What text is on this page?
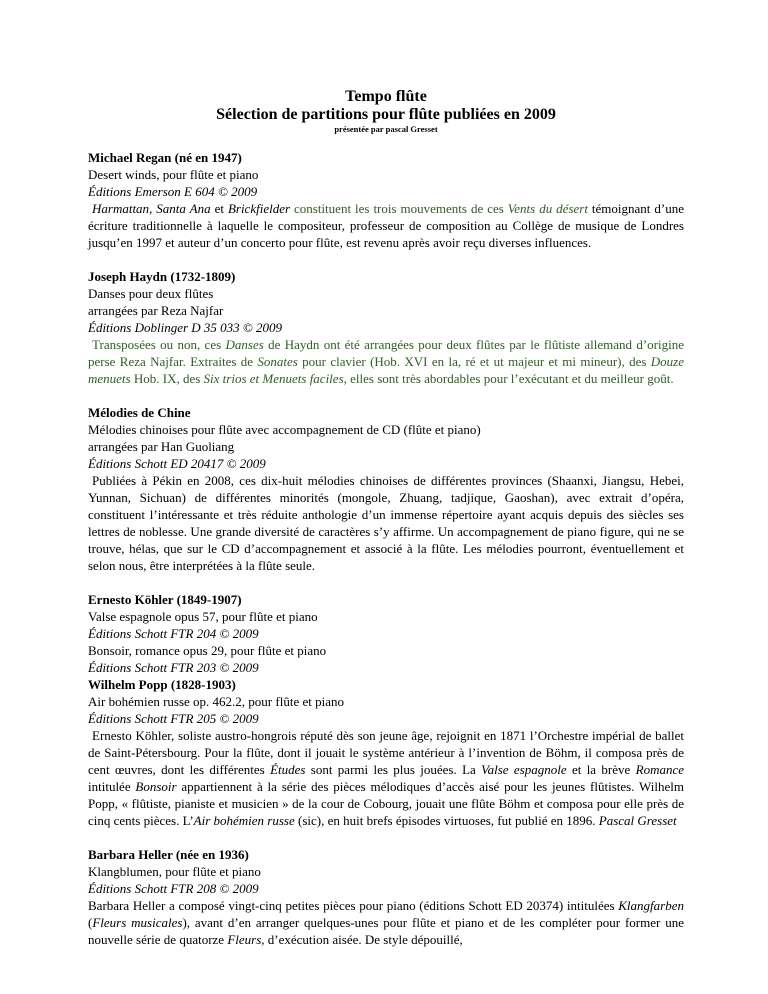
Tempo flûte
Sélection de partitions pour flûte publiées en 2009
présentée par pascal Gresset
Michael Regan (né en 1947)
Desert winds, pour flûte et piano
Éditions Emerson E 604 © 2009
Harmattan, Santa Ana et Brickfielder constituent les trois mouvements de ces Vents du désert témoignant d’une écriture traditionnelle à laquelle le compositeur, professeur de composition au Collège de musique de Londres jusqu’en 1997 et auteur d’un concerto pour flûte, est revenu après avoir reçu diverses influences.
Joseph Haydn (1732-1809)
Danses pour deux flûtes
arrangées par Reza Najfar
Éditions Doblinger D 35 033 © 2009
Transposées ou non, ces Danses de Haydn ont été arrangées pour deux flûtes par le flûtiste allemand d’origine perse Reza Najfar. Extraites de Sonates pour clavier (Hob. XVI en la, ré et ut majeur et mi mineur), des Douze menuets Hob. IX, des Six trios et Menuets faciles, elles sont très abordables pour l’exécutant et du meilleur goût.
Mélodies de Chine
Mélodies chinoises pour flûte avec accompagnement de CD (flûte et piano)
arrangées par Han Guoliang
Éditions Schott ED 20417 © 2009
Publiées à Pékin en 2008, ces dix-huit mélodies chinoises de différentes provinces (Shaanxi, Jiangsu, Hebei, Yunnan, Sichuan) de différentes minorités (mongole, Zhuang, tadjique, Gaoshan), avec extrait d’opéra, constituent l’intéressante et très réduite anthologie d’un immense répertoire ayant acquis depuis des siècles ses lettres de noblesse. Une grande diversité de caractères s’y affirme. Un accompagnement de piano figure, qui ne se trouve, hélas, que sur le CD d’accompagnement et associé à la flûte. Les mélodies pourront, éventuellement et selon nous, être interprétées à la flûte seule.
Ernesto Köhler (1849-1907)
Valse espagnole opus 57, pour flûte et piano
Éditions Schott FTR 204 © 2009
Bonsoir, romance opus 29, pour flûte et piano
Éditions Schott FTR 203 © 2009
Wilhelm Popp (1828-1903)
Air bohémien russe op. 462.2, pour flûte et piano
Éditions Schott FTR 205 © 2009
Ernesto Köhler, soliste austro-hongrois réputé dès son jeune âge, rejoignit en 1871 l’Orchestre impérial de ballet de Saint-Pétersbourg. Pour la flûte, dont il jouait le système antérieur à l’invention de Böhm, il composa près de cent œuvres, dont les différentes Études sont parmi les plus jouées. La Valse espagnole et la brève Romance intitulée Bonsoir appartiennent à la série des pièces mélodiques d’accès aisé pour les jeunes flûtistes. Wilhelm Popp, « flûtiste, pianiste et musicien » de la cour de Cobourg, jouait une flûte Böhm et composa pour elle près de cinq cents pièces. L’Air bohémien russe (sic), en huit brefs épisodes virtuoses, fut publié en 1896. Pascal Gresset
Barbara Heller (née en 1936)
Klangblumen, pour flûte et piano
Éditions Schott FTR 208 © 2009
Barbara Heller a composé vingt-cinq petites pièces pour piano (éditions Schott ED 20374) intitulées Klangfarben (Fleurs musicales), avant d’en arranger quelques-unes pour flûte et piano et de les compléter pour former une nouvelle série de quatorze Fleurs, d’exécution aisée. De style dépouillé,
